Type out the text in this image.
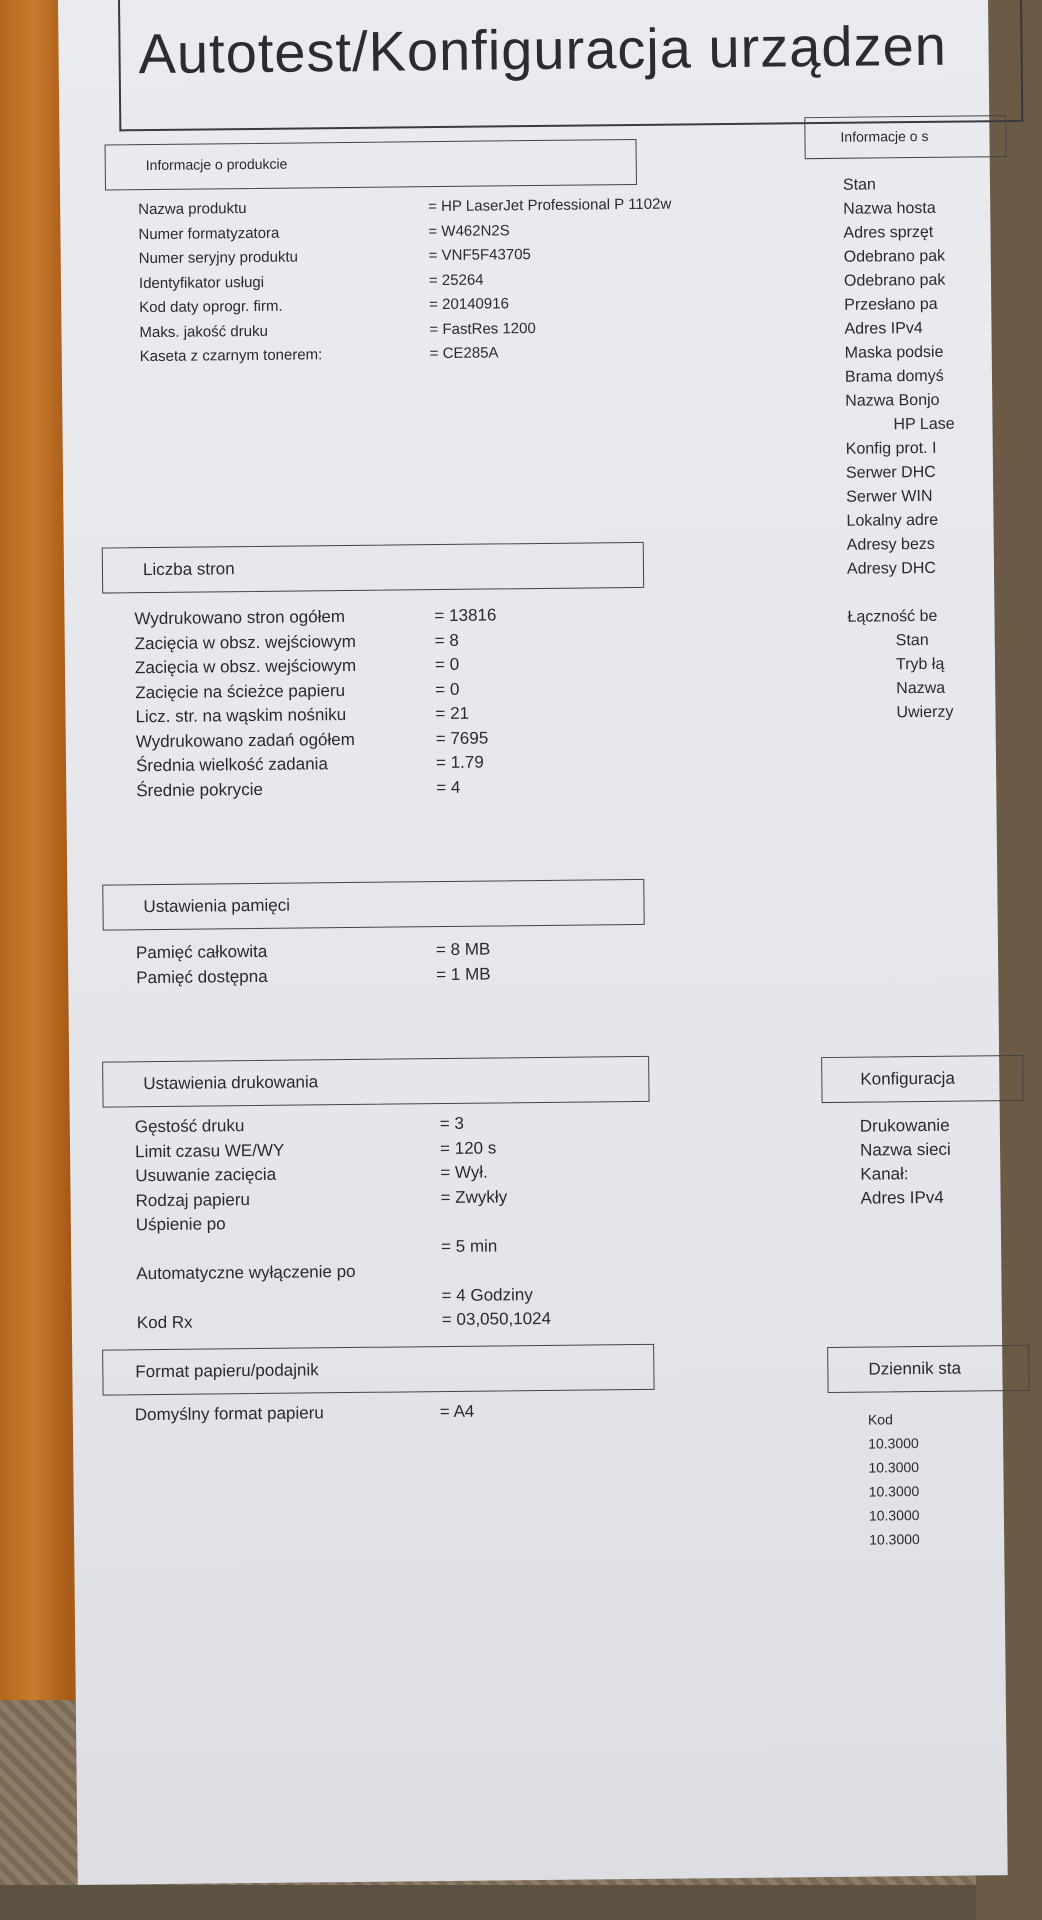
Autotest/Konfiguracja urządzen
Informacje o produkcie
Nazwa produktu	= HP LaserJet Professional P 1102w
Numer formatyzatora	= W462N2S
Numer seryjny produktu	= VNF5F43705
Identyfikator usługi	= 25264
Kod daty oprogr. firm.	= 20140916
Maks. jakość druku	= FastRes 1200
Kaseta z czarnym tonerem:	= CE285A
Liczba stron
Wydrukowano stron ogółem	= 13816
Zacięcia w obsz. wejściowym	= 8
Zacięcia w obsz. wejściowym	= 0
Zacięcie na ścieżce papieru	= 0
Licz. str. na wąskim nośniku	= 21
Wydrukowano zadań ogółem	= 7695
Średnia wielkość zadania	= 1.79
Średnie pokrycie	= 4
Ustawienia pamięci
Pamięć całkowita	= 8 MB
Pamięć dostępna	= 1 MB
Ustawienia drukowania
Gęstość druku	= 3
Limit czasu WE/WY	= 120 s
Usuwanie zacięcia	= Wył.
Rodzaj papieru	= Zwykły
Uśpienie po
= 5 min
Automatyczne wyłączenie po
= 4 Godziny
Kod Rx	= 03,050,1024
Format papieru/podajnik
Domyślny format papieru	= A4
Informacje o s
Stan
Nazwa hosta
Adres sprzęt
Odebrano pak
Odebrano pak
Przesłano pa
Adres IPv4
Maska podsie
Brama domyś
Nazwa Bonjo
HP Lase
Konfig prot. I
Serwer DHC
Serwer WIN
Lokalny adre
Adresy bezs
Adresy DHC

Łączność be
Stan
Tryb łą
Nazwa
Uwierzy
Konfiguracja
Drukowanie
Nazwa sieci
Kanał:
Adres IPv4
Dziennik sta
Kod
10.3000
10.3000
10.3000
10.3000
10.3000
